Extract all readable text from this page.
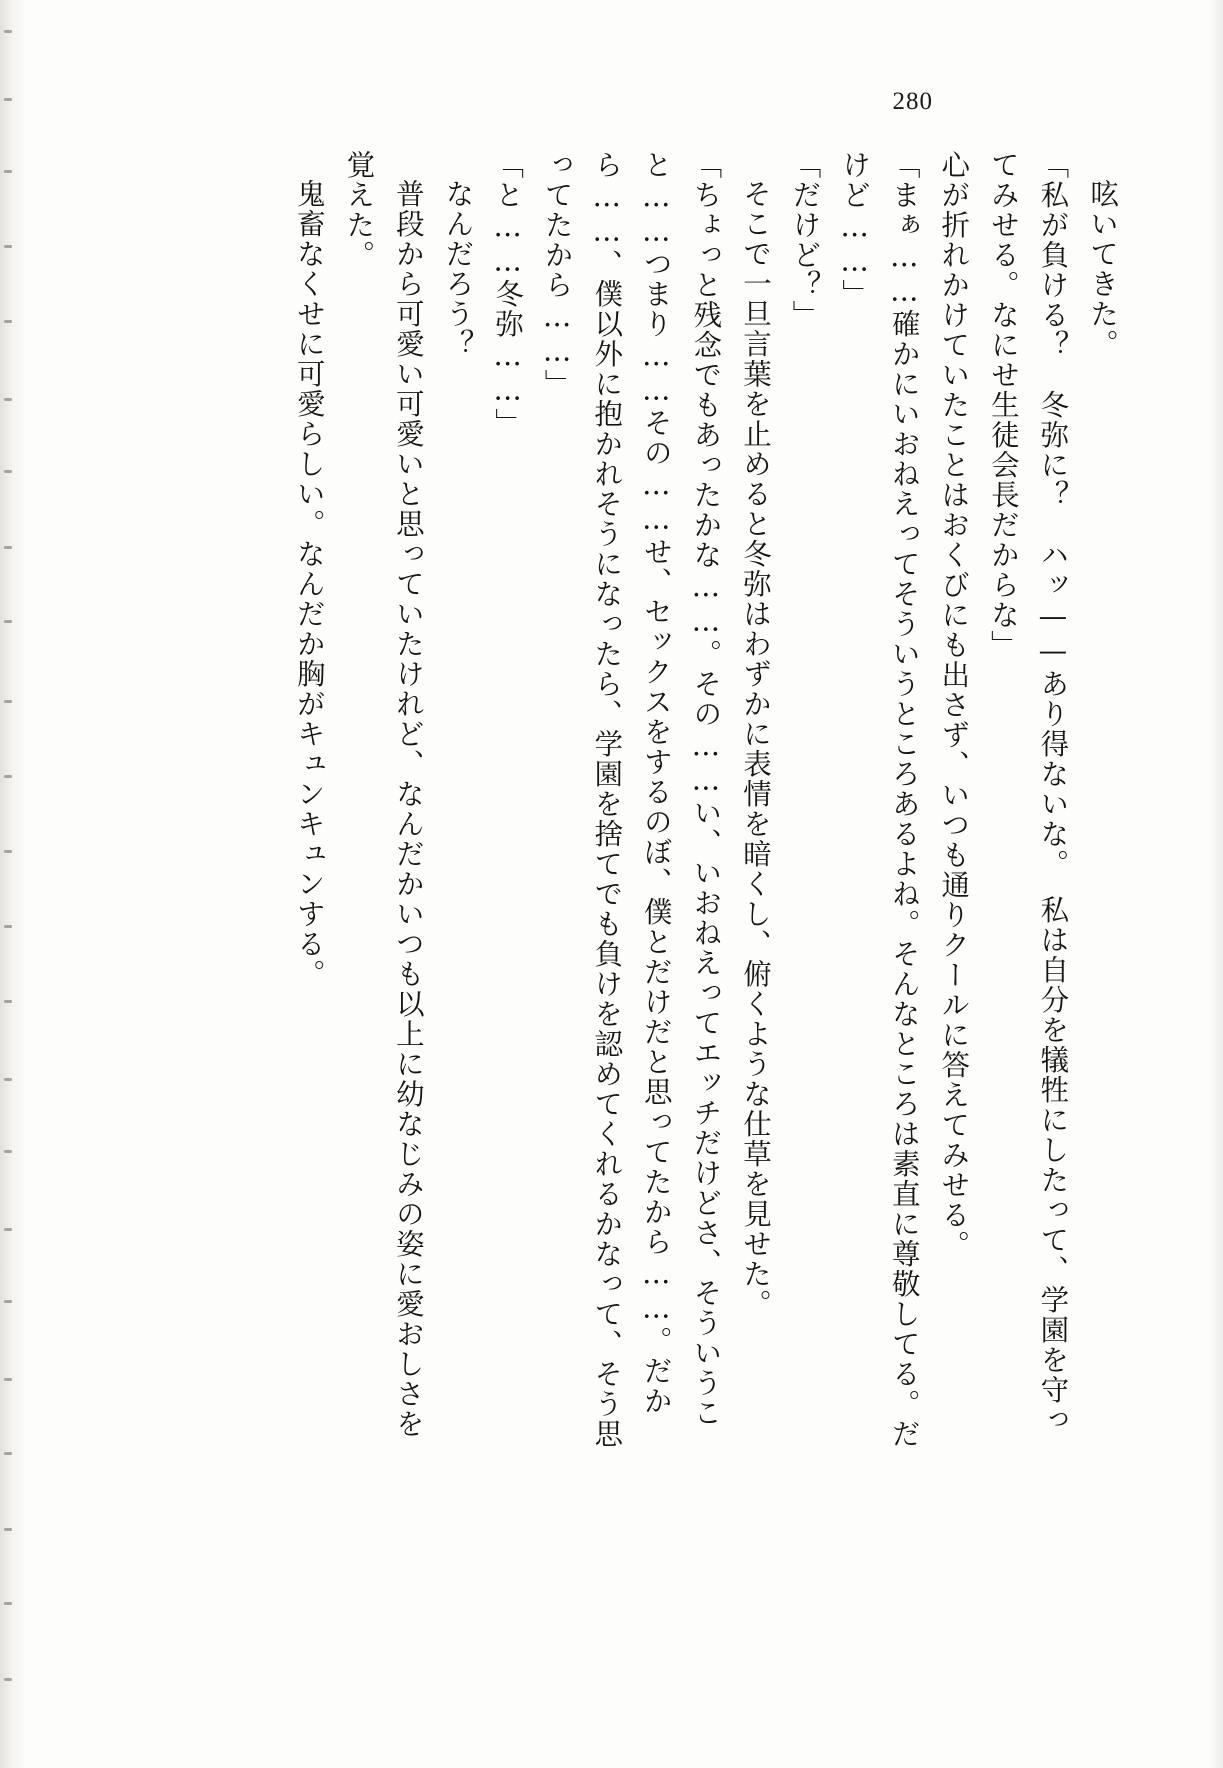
280

呟いてきた。

「私が負ける？　冬弥に？　ハッ——あり得ないな。　私は自分を犠牲にしたって、学園を守ってみせる。なにせ生徒会長だからな」

心が折れかけていたことはおくびにも出さず、いつも通りクールに答えてみせる。

「まぁ……確かにいおねえってそういうところあるよね。そんなところは素直に尊敬してる。だけど……」

「だけど？」

そこで一旦言葉を止めると冬弥はわずかに表情を暗くし、俯くような仕草を見せた。

「ちょっと残念でもあったかな……。その……い、いおねえってエッチだけどさ、そういうこと……つまり……その……せ、セックスをするのぼ、僕とだけだと思ってたから……。だから……、僕以外に抱かれそうになったら、学園を捨てでも負けを認めてくれるかなって、そう思ってたから……」

「と……冬弥……」

なんだろう？

普段から可愛い可愛いと思っていたけれど、なんだかいつも以上に幼なじみの姿に愛おしさを覚えた。

鬼畜なくせに可愛らしい。なんだか胸がキュンキュンする。
